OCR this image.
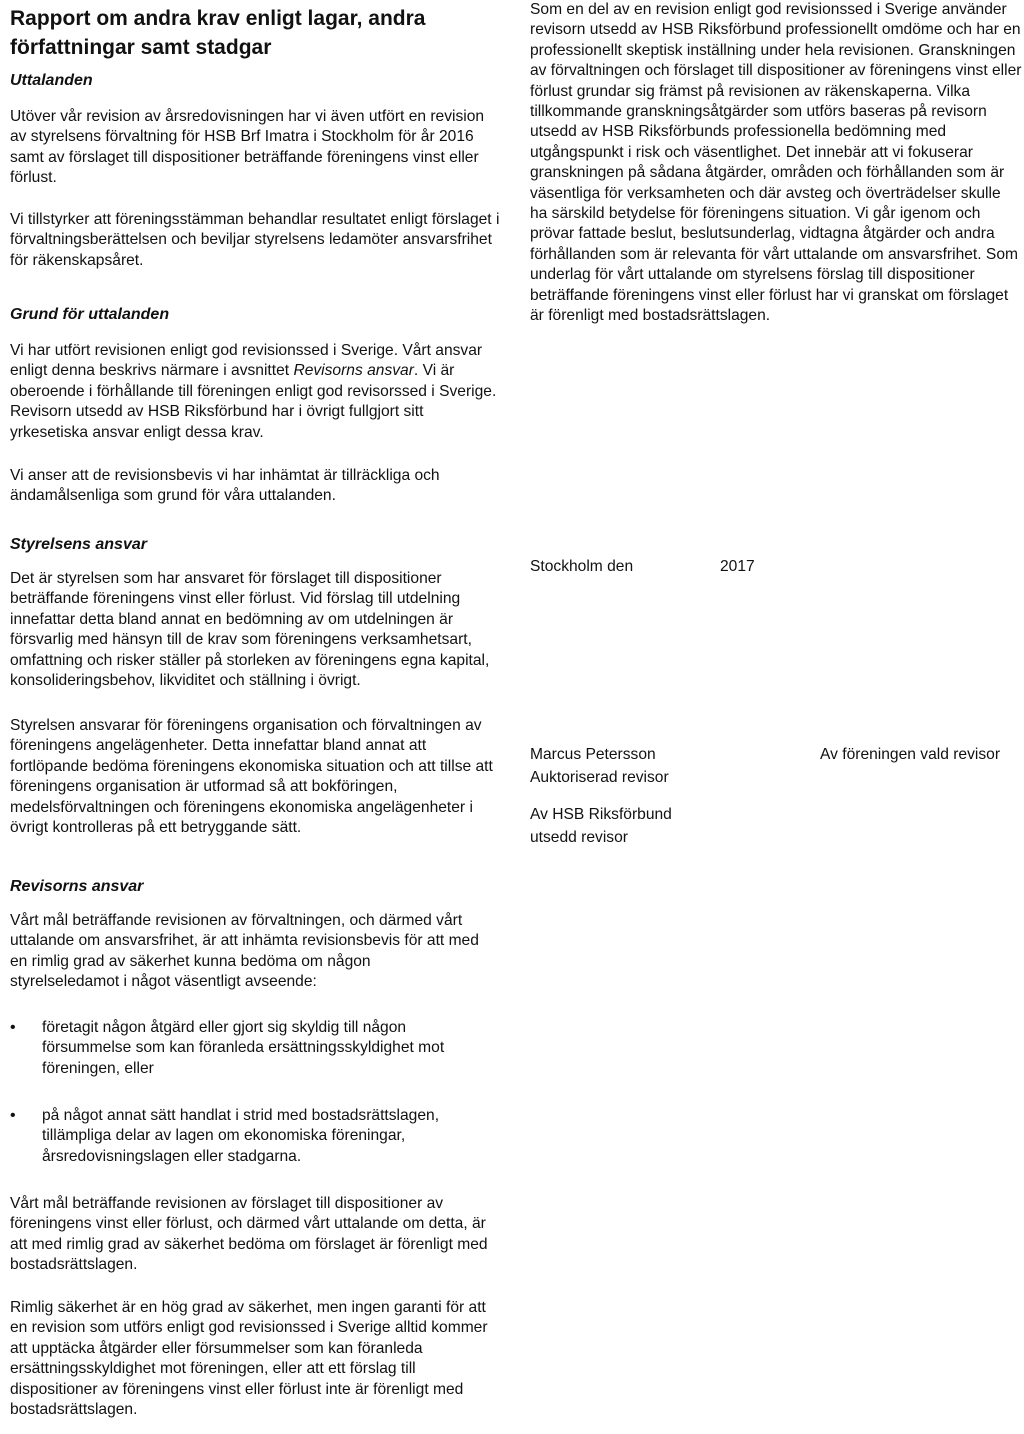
Rapport om andra krav enligt lagar, andra författningar samt stadgar
Uttalanden

Utöver vår revision av årsredovisningen har vi även utfört en revision av styrelsens förvaltning för HSB Brf Imatra i Stockholm för år 2016 samt av förslaget till dispositioner beträffande föreningens vinst eller förlust.

Vi tillstyrker att föreningsstämman behandlar resultatet enligt förslaget i förvaltningsberättelsen och beviljar styrelsens ledamöter ansvarsfrihet för räkenskapsåret.

Grund för uttalanden

Vi har utfört revisionen enligt god revisionssed i Sverige. Vårt ansvar enligt denna beskrivs närmare i avsnittet Revisorns ansvar. Vi är oberoende i förhållande till föreningen enligt god revisorssed i Sverige. Revisorn utsedd av HSB Riksförbund har i övrigt fullgjort sitt yrkesetiska ansvar enligt dessa krav.

Vi anser att de revisionsbevis vi har inhämtat är tillräckliga och ändamålsenliga som grund för våra uttalanden.

Styrelsens ansvar

Det är styrelsen som har ansvaret för förslaget till dispositioner beträffande föreningens vinst eller förlust. Vid förslag till utdelning innefattar detta bland annat en bedömning av om utdelningen är försvarlig med hänsyn till de krav som föreningens verksamhetsart, omfattning och risker ställer på storleken av föreningens egna kapital, konsolideringsbehov, likviditet och ställning i övrigt.

Styrelsen ansvarar för föreningens organisation och förvaltningen av föreningens angelägenheter. Detta innefattar bland annat att fortlöpande bedöma föreningens ekonomiska situation och att tillse att föreningens organisation är utformad så att bokföringen, medelsförvaltningen och föreningens ekonomiska angelägenheter i övrigt kontrolleras på ett betryggande sätt.

Revisorns ansvar

Vårt mål beträffande revisionen av förvaltningen, och därmed vårt uttalande om ansvarsfrihet, är att inhämta revisionsbevis för att med en rimlig grad av säkerhet kunna bedöma om någon styrelseledamot i något väsentligt avseende:

• företagit någon åtgärd eller gjort sig skyldig till någon försummelse som kan föranleda ersättningsskyldighet mot föreningen, eller

• på något annat sätt handlat i strid med bostadsrättslagen, tillämpliga delar av lagen om ekonomiska föreningar, årsredovisningslagen eller stadgarna.

Vårt mål beträffande revisionen av förslaget till dispositioner av föreningens vinst eller förlust, och därmed vårt uttalande om detta, är att med rimlig grad av säkerhet bedöma om förslaget är förenligt med bostadsrättslagen.

Rimlig säkerhet är en hög grad av säkerhet, men ingen garanti för att en revision som utförs enligt god revisionssed i Sverige alltid kommer att upptäcka åtgärder eller försummelser som kan föranleda ersättningsskyldighet mot föreningen, eller att ett förslag till dispositioner av föreningens vinst eller förlust inte är förenligt med bostadsrättslagen.

Som en del av en revision enligt god revisionssed i Sverige använder revisorn utsedd av HSB Riksförbund professionellt omdöme och har en professionellt skeptisk inställning under hela revisionen. Granskningen av förvaltningen och förslaget till dispositioner av föreningens vinst eller förlust grundar sig främst på revisionen av räkenskaperna. Vilka tillkommande granskningsåtgärder som utförs baseras på revisorn utsedd av HSB Riksförbunds professionella bedömning med utgångspunkt i risk och väsentlighet. Det innebär att vi fokuserar granskningen på sådana åtgärder, områden och förhållanden som är väsentliga för verksamheten och där avsteg och överträdelser skulle ha särskild betydelse för föreningens situation. Vi går igenom och prövar fattade beslut, beslutsunderlag, vidtagna åtgärder och andra förhållanden som är relevanta för vårt uttalande om ansvarsfrihet. Som underlag för vårt uttalande om styrelsens förslag till dispositioner beträffande föreningens vinst eller förlust har vi granskat om förslaget är förenligt med bostadsrättslagen.

Stockholm den	2017

Marcus Petersson

Auktoriserad revisor

Av HSB Riksförbund

utsedd revisor

Av föreningen vald revisor
